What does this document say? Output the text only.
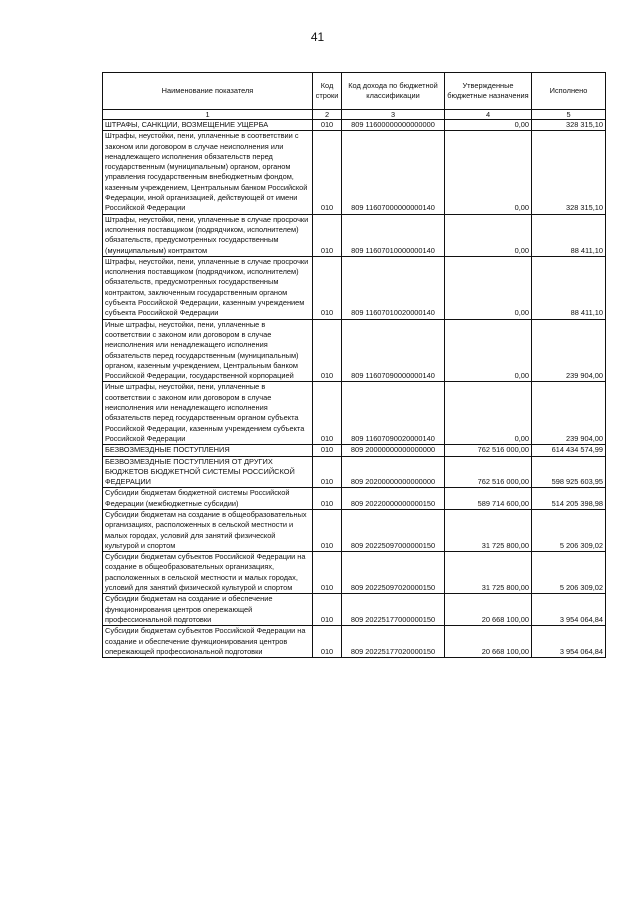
41
Наименование показателя	Код строки	Код дохода по бюджетной классификации	Утвержденные бюджетные назначения	Исполнено
1	2	3	4	5
ШТРАФЫ, САНКЦИИ, ВОЗМЕЩЕНИЕ УЩЕРБА	010	809 11600000000000000	0,00	328 315,10
Штрафы, неустойки, пени, уплаченные в соответствии с законом или договором в случае неисполнения или ненадлежащего исполнения обязательств перед государственным (муниципальным) органом, органом управления государственным внебюджетным фондом, казенным учреждением, Центральным банком Российской Федерации, иной организацией, действующей от имени Российской Федерации	010	809 11607000000000140	0,00	328 315,10
Штрафы, неустойки, пени, уплаченные в случае просрочки исполнения поставщиком (подрядчиком, исполнителем) обязательств, предусмотренных государственным (муниципальным) контрактом	010	809 11607010000000140	0,00	88 411,10
Штрафы, неустойки, пени, уплаченные в случае просрочки исполнения поставщиком (подрядчиком, исполнителем) обязательств, предусмотренных государственным контрактом, заключенным государственным органом субъекта Российской Федерации, казенным учреждением субъекта Российской Федерации	010	809 11607010020000140	0,00	88 411,10
Иные штрафы, неустойки, пени, уплаченные в соответствии с законом или договором в случае неисполнения или ненадлежащего исполнения обязательств перед государственным (муниципальным) органом, казенным учреждением, Центральным банком Российской Федерации, государственной корпорацией	010	809 11607090000000140	0,00	239 904,00
Иные штрафы, неустойки, пени, уплаченные в соответствии с законом или договором в случае неисполнения или ненадлежащего исполнения обязательств перед государственным органом субъекта Российской Федерации, казенным учреждением субъекта Российской Федерации	010	809 11607090020000140	0,00	239 904,00
БЕЗВОЗМЕЗДНЫЕ ПОСТУПЛЕНИЯ	010	809 20000000000000000	762 516 000,00	614 434 574,99
БЕЗВОЗМЕЗДНЫЕ ПОСТУПЛЕНИЯ ОТ ДРУГИХ БЮДЖЕТОВ БЮДЖЕТНОЙ СИСТЕМЫ РОССИЙСКОЙ ФЕДЕРАЦИИ	010	809 20200000000000000	762 516 000,00	598 925 603,95
Субсидии бюджетам бюджетной системы Российской Федерации (межбюджетные субсидии)	010	809 20220000000000150	589 714 600,00	514 205 398,98
Субсидии бюджетам на создание в общеобразовательных организациях, расположенных в сельской местности и малых городах, условий для занятий физической культурой и спортом	010	809 20225097000000150	31 725 800,00	5 206 309,02
Субсидии бюджетам субъектов Российской Федерации на создание в общеобразовательных организациях, расположенных в сельской местности и малых городах, условий для занятий физической культурой и спортом	010	809 20225097020000150	31 725 800,00	5 206 309,02
Субсидии бюджетам на создание и обеспечение функционирования центров опережающей профессиональной подготовки	010	809 20225177000000150	20 668 100,00	3 954 064,84
Субсидии бюджетам субъектов Российской Федерации на создание и обеспечение функционирования центров опережающей профессиональной подготовки	010	809 20225177020000150	20 668 100,00	3 954 064,84
